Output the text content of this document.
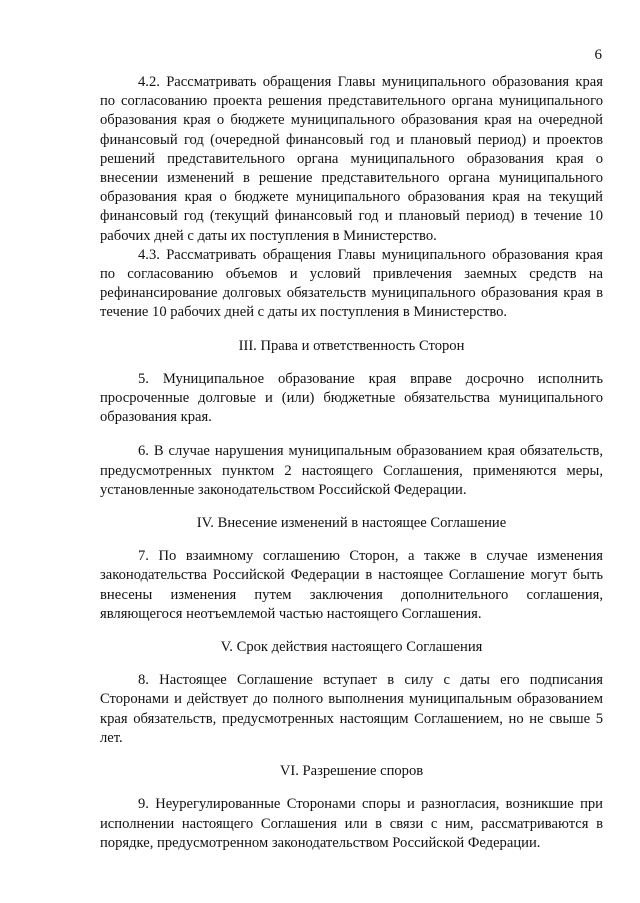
6

4.2. Рассматривать обращения Главы муниципального образования края по согласованию проекта решения представительного органа муниципального образования края о бюджете муниципального образования края на очередной финансовый год (очередной финансовый год и плановый период) и проектов решений представительного органа муниципального образования края о внесении изменений в решение представительного органа муниципального образования края о бюджете муниципального образования края на текущий финансовый год (текущий финансовый год и плановый период) в течение 10 рабочих дней с даты их поступления в Министерство.

4.3. Рассматривать обращения Главы муниципального образования края по согласованию объемов и условий привлечения заемных средств на рефинансирование долговых обязательств муниципального образования края в течение 10 рабочих дней с даты их поступления в Министерство.

III. Права и ответственность Сторон

5. Муниципальное образование края вправе досрочно исполнить просроченные долговые и (или) бюджетные обязательства муниципального образования края.

6. В случае нарушения муниципальным образованием края обязательств, предусмотренных пунктом 2 настоящего Соглашения, применяются меры, установленные законодательством Российской Федерации.

IV. Внесение изменений в настоящее Соглашение

7. По взаимному соглашению Сторон, а также в случае изменения законодательства Российской Федерации в настоящее Соглашение могут быть внесены изменения путем заключения дополнительного соглашения, являющегося неотъемлемой частью настоящего Соглашения.

V. Срок действия настоящего Соглашения

8. Настоящее Соглашение вступает в силу с даты его подписания Сторонами и действует до полного выполнения муниципальным образованием края обязательств, предусмотренных настоящим Соглашением, но не свыше 5 лет.

VI. Разрешение споров

9. Неурегулированные Сторонами споры и разногласия, возникшие при исполнении настоящего Соглашения или в связи с ним, рассматриваются в порядке, предусмотренном законодательством Российской Федерации.
